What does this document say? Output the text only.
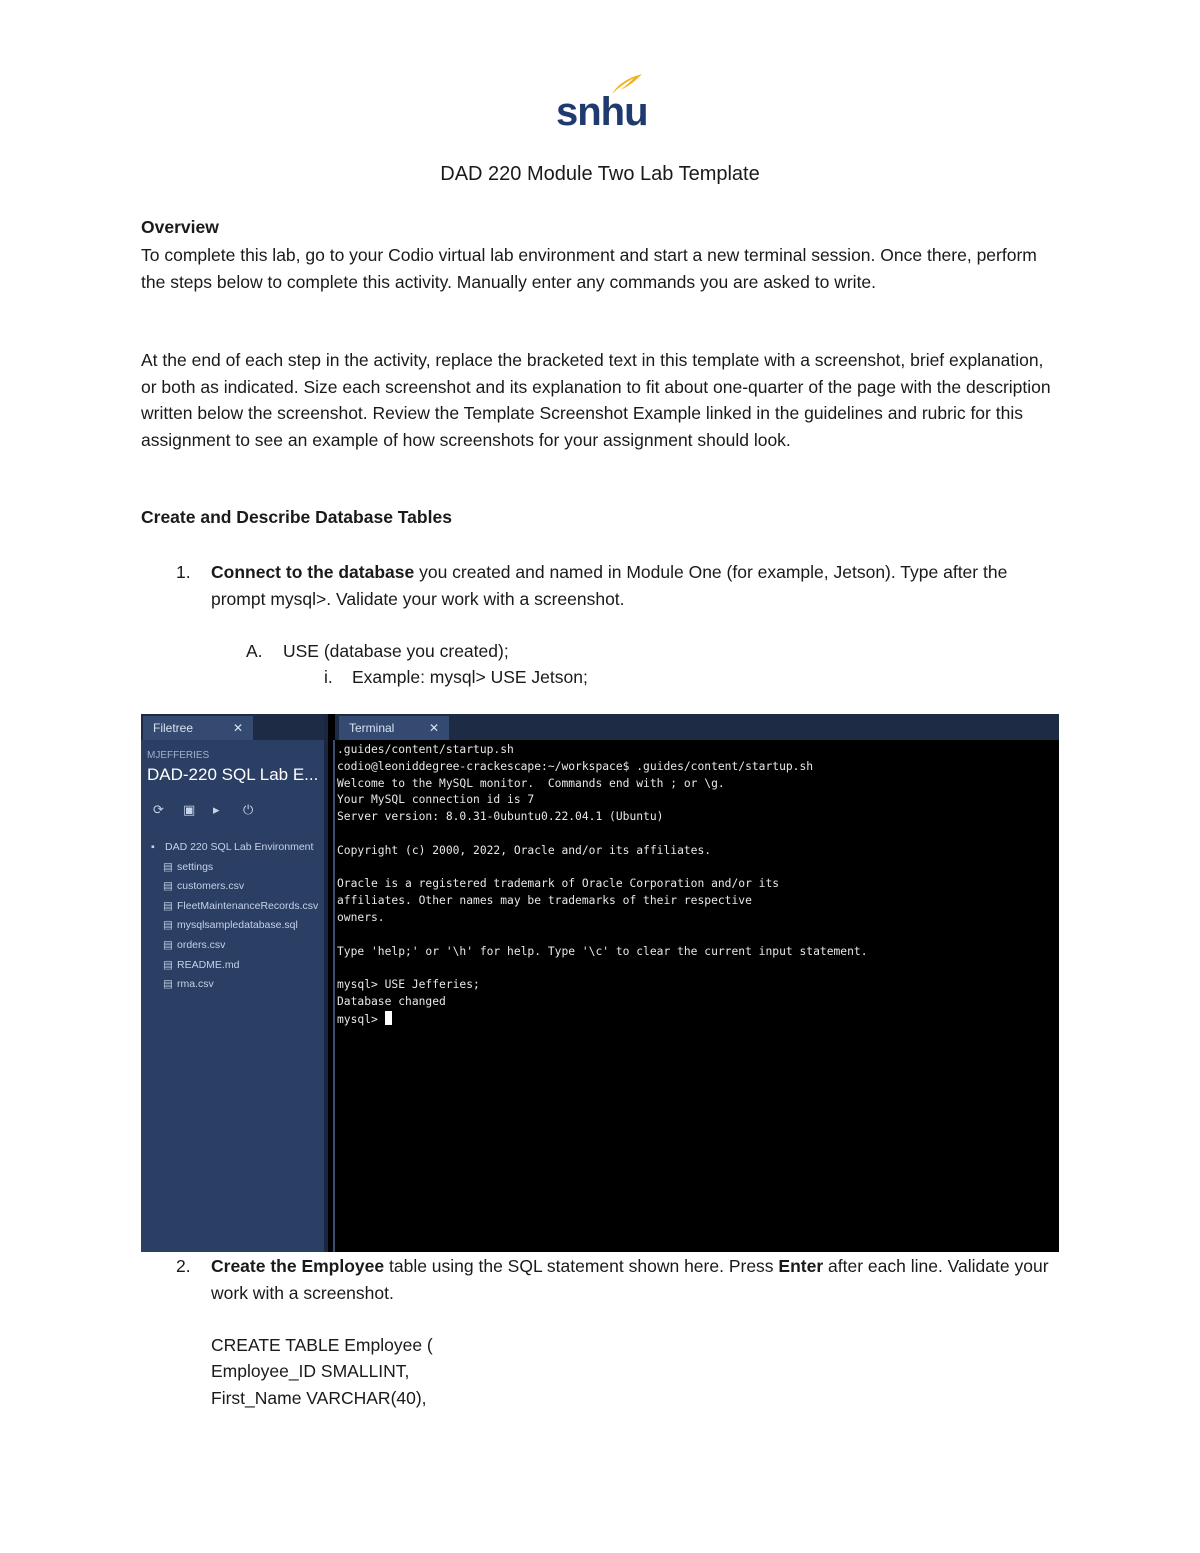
snhu
DAD 220 Module Two Lab Template
Overview
To complete this lab, go to your Codio virtual lab environment and start a new terminal session. Once there, perform the steps below to complete this activity. Manually enter any commands you are asked to write.
At the end of each step in the activity, replace the bracketed text in this template with a screenshot, brief explanation, or both as indicated. Size each screenshot and its explanation to fit about one-quarter of the page with the description written below the screenshot. Review the Template Screenshot Example linked in the guidelines and rubric for this assignment to see an example of how screenshots for your assignment should look.
Create and Describe Database Tables
1. Connect to the database you created and named in Module One (for example, Jetson). Type after the prompt mysql>. Validate your work with a screenshot.
A. USE (database you created);
i. Example: mysql> USE Jetson;
Filetree	✕
MJEFFERIES
DAD-220 SQL Lab E...
⟳ ▣ ▸ ⏻
▪ DAD 220 SQL Lab Environment
▤ settings
▤ customers.csv
▤ FleetMaintenanceRecords.csv
▤ mysqlsampledatabase.sql
▤ orders.csv
▤ README.md
▤ rma.csv
Terminal	✕
.guides/content/startup.sh
codio@leoniddegree-crackescape:~/workspace$ .guides/content/startup.sh
Welcome to the MySQL monitor.  Commands end with ; or \g.
Your MySQL connection id is 7
Server version: 8.0.31-0ubuntu0.22.04.1 (Ubuntu)
Copyright (c) 2000, 2022, Oracle and/or its affiliates.
Oracle is a registered trademark of Oracle Corporation and/or its
affiliates. Other names may be trademarks of their respective
owners.
Type 'help;' or '\h' for help. Type '\c' to clear the current input statement.
mysql> USE Jefferies;
Database changed
mysql>
2. Create the Employee table using the SQL statement shown here. Press Enter after each line. Validate your work with a screenshot.
CREATE TABLE Employee (
Employee_ID SMALLINT,
First_Name VARCHAR(40),
